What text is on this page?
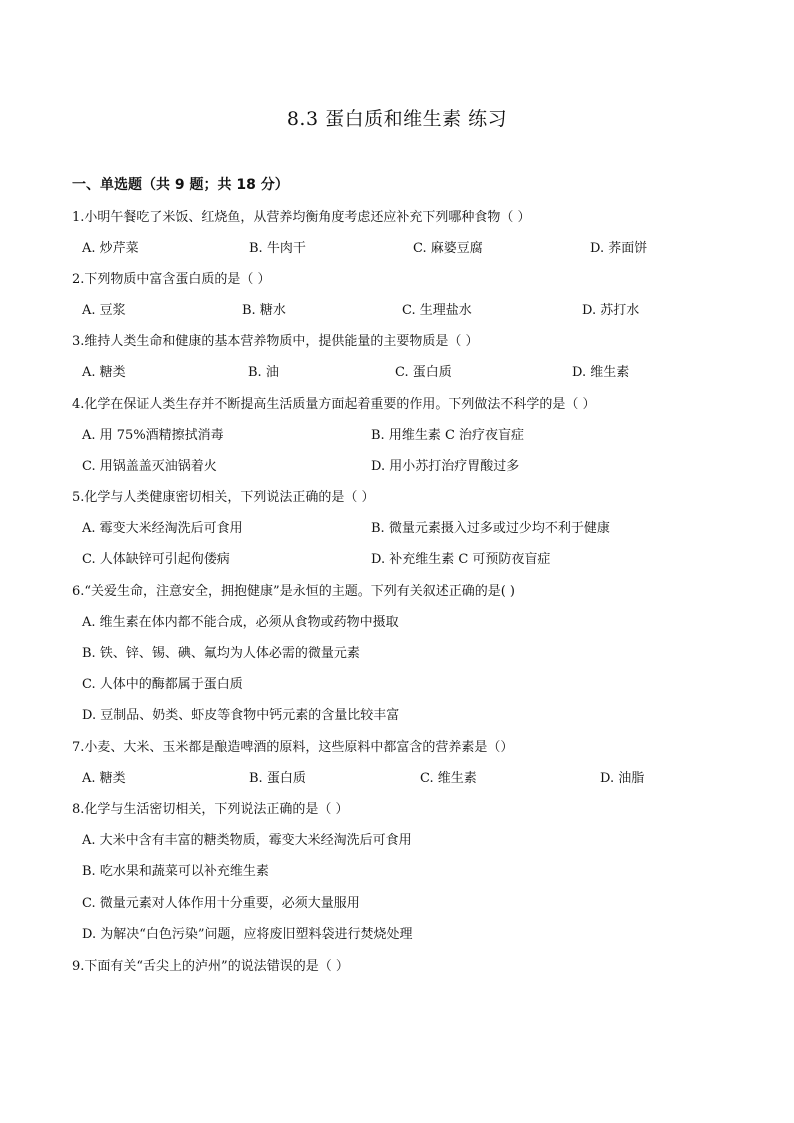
8.3 蛋白质和维生素 练习
一、单选题（共 9 题；共 18 分）
1.小明午餐吃了米饭、红烧鱼，从营养均衡角度考虑还应补充下列哪种食物（ ）
A. 炒芹菜	B. 牛肉干	C. 麻婆豆腐	D. 荞面饼
2.下列物质中富含蛋白质的是（ ）
A. 豆浆	B. 糖水	C. 生理盐水	D. 苏打水
3.维持人类生命和健康的基本营养物质中，提供能量的主要物质是（ ）
A. 糖类	B. 油	C. 蛋白质	D. 维生素
4.化学在保证人类生存并不断提高生活质量方面起着重要的作用。下列做法不科学的是（ ）
A. 用 75%酒精擦拭消毒	B. 用维生素 C 治疗夜盲症
C. 用锅盖盖灭油锅着火	D. 用小苏打治疗胃酸过多
5.化学与人类健康密切相关，下列说法正确的是（ ）
A. 霉变大米经淘洗后可食用	B. 微量元素摄入过多或过少均不利于健康
C. 人体缺锌可引起佝偻病	D. 补充维生素 C 可预防夜盲症
6.“关爱生命，注意安全，拥抱健康”是永恒的主题。下列有关叙述正确的是( )
A. 维生素在体内都不能合成，必须从食物或药物中摄取
B. 铁、锌、锡、碘、氟均为人体必需的微量元素
C. 人体中的酶都属于蛋白质
D. 豆制品、奶类、虾皮等食物中钙元素的含量比较丰富
7.小麦、大米、玉米都是酿造啤酒的原料，这些原料中都富含的营养素是（）
A. 糖类	B. 蛋白质	C. 维生素	D. 油脂
8.化学与生活密切相关，下列说法正确的是（ ）
A. 大米中含有丰富的糖类物质，霉变大米经淘洗后可食用
B. 吃水果和蔬菜可以补充维生素
C. 微量元素对人体作用十分重要，必须大量服用
D. 为解决“白色污染”问题，应将废旧塑料袋进行焚烧处理
9.下面有关“舌尖上的泸州”的说法错误的是（ ）
